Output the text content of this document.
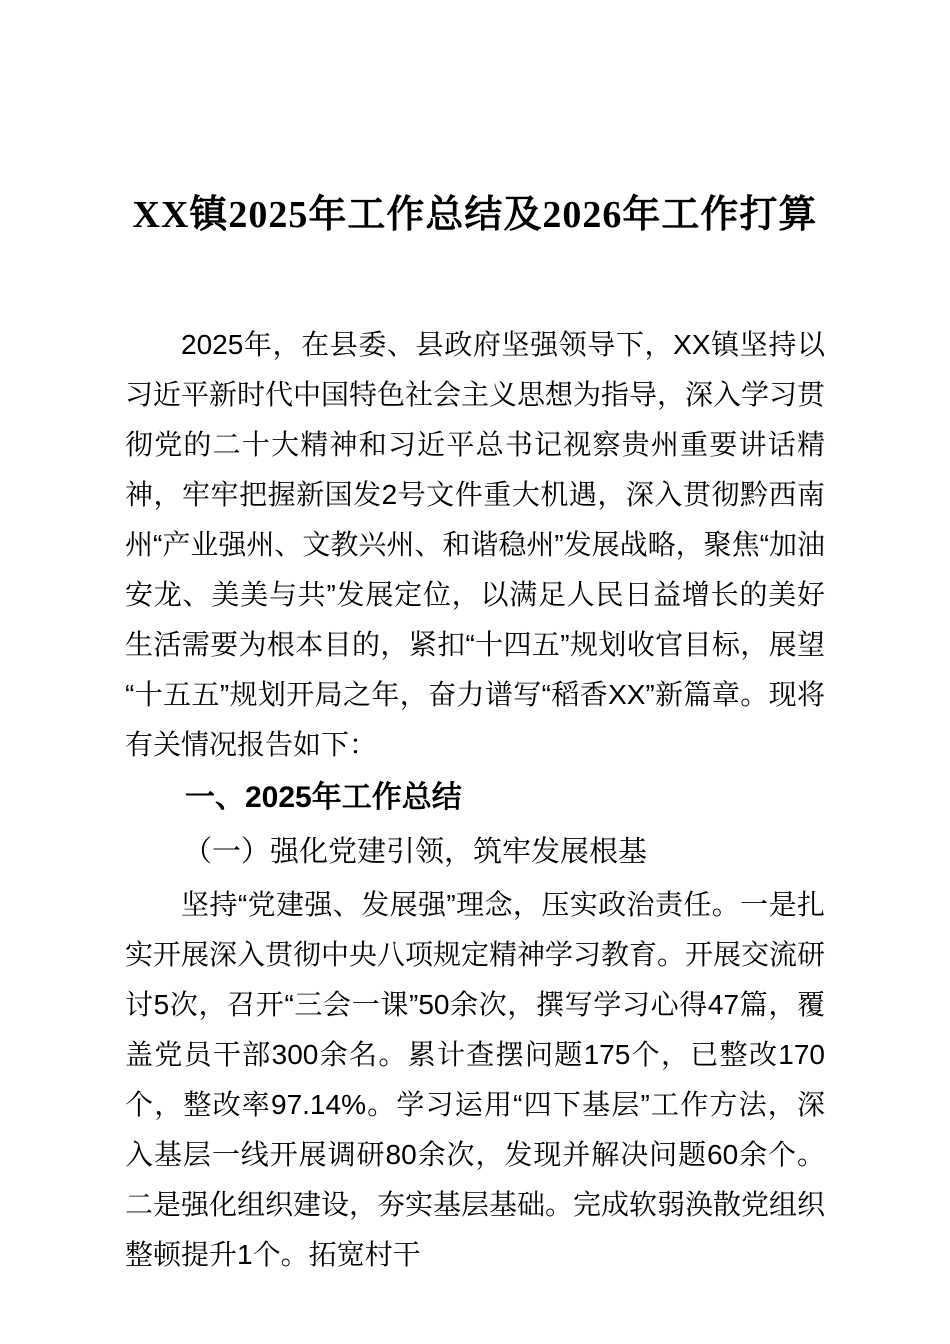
XX镇2025年工作总结及2026年工作打算

2025年，在县委、县政府坚强领导下，XX镇坚持以习近平新时代中国特色社会主义思想为指导，深入学习贯彻党的二十大精神和习近平总书记视察贵州重要讲话精神，牢牢把握新国发2号文件重大机遇，深入贯彻黔西南州“产业强州、文教兴州、和谐稳州”发展战略，聚焦“加油安龙、美美与共”发展定位，以满足人民日益增长的美好生活需要为根本目的，紧扣“十四五”规划收官目标，展望“十五五”规划开局之年，奋力谱写“稻香XX”新篇章。现将有关情况报告如下：

一、2025年工作总结
（一）强化党建引领，筑牢发展根基

坚持“党建强、发展强”理念，压实政治责任。一是扎实开展深入贯彻中央八项规定精神学习教育。开展交流研讨5次，召开“三会一课”50余次，撰写学习心得47篇，覆盖党员干部300余名。累计查摆问题175个，已整改170个，整改率97.14%。学习运用“四下基层”工作方法，深入基层一线开展调研80余次，发现并解决问题60余个。二是强化组织建设，夯实基层基础。完成软弱涣散党组织整顿提升1个。拓宽村干
